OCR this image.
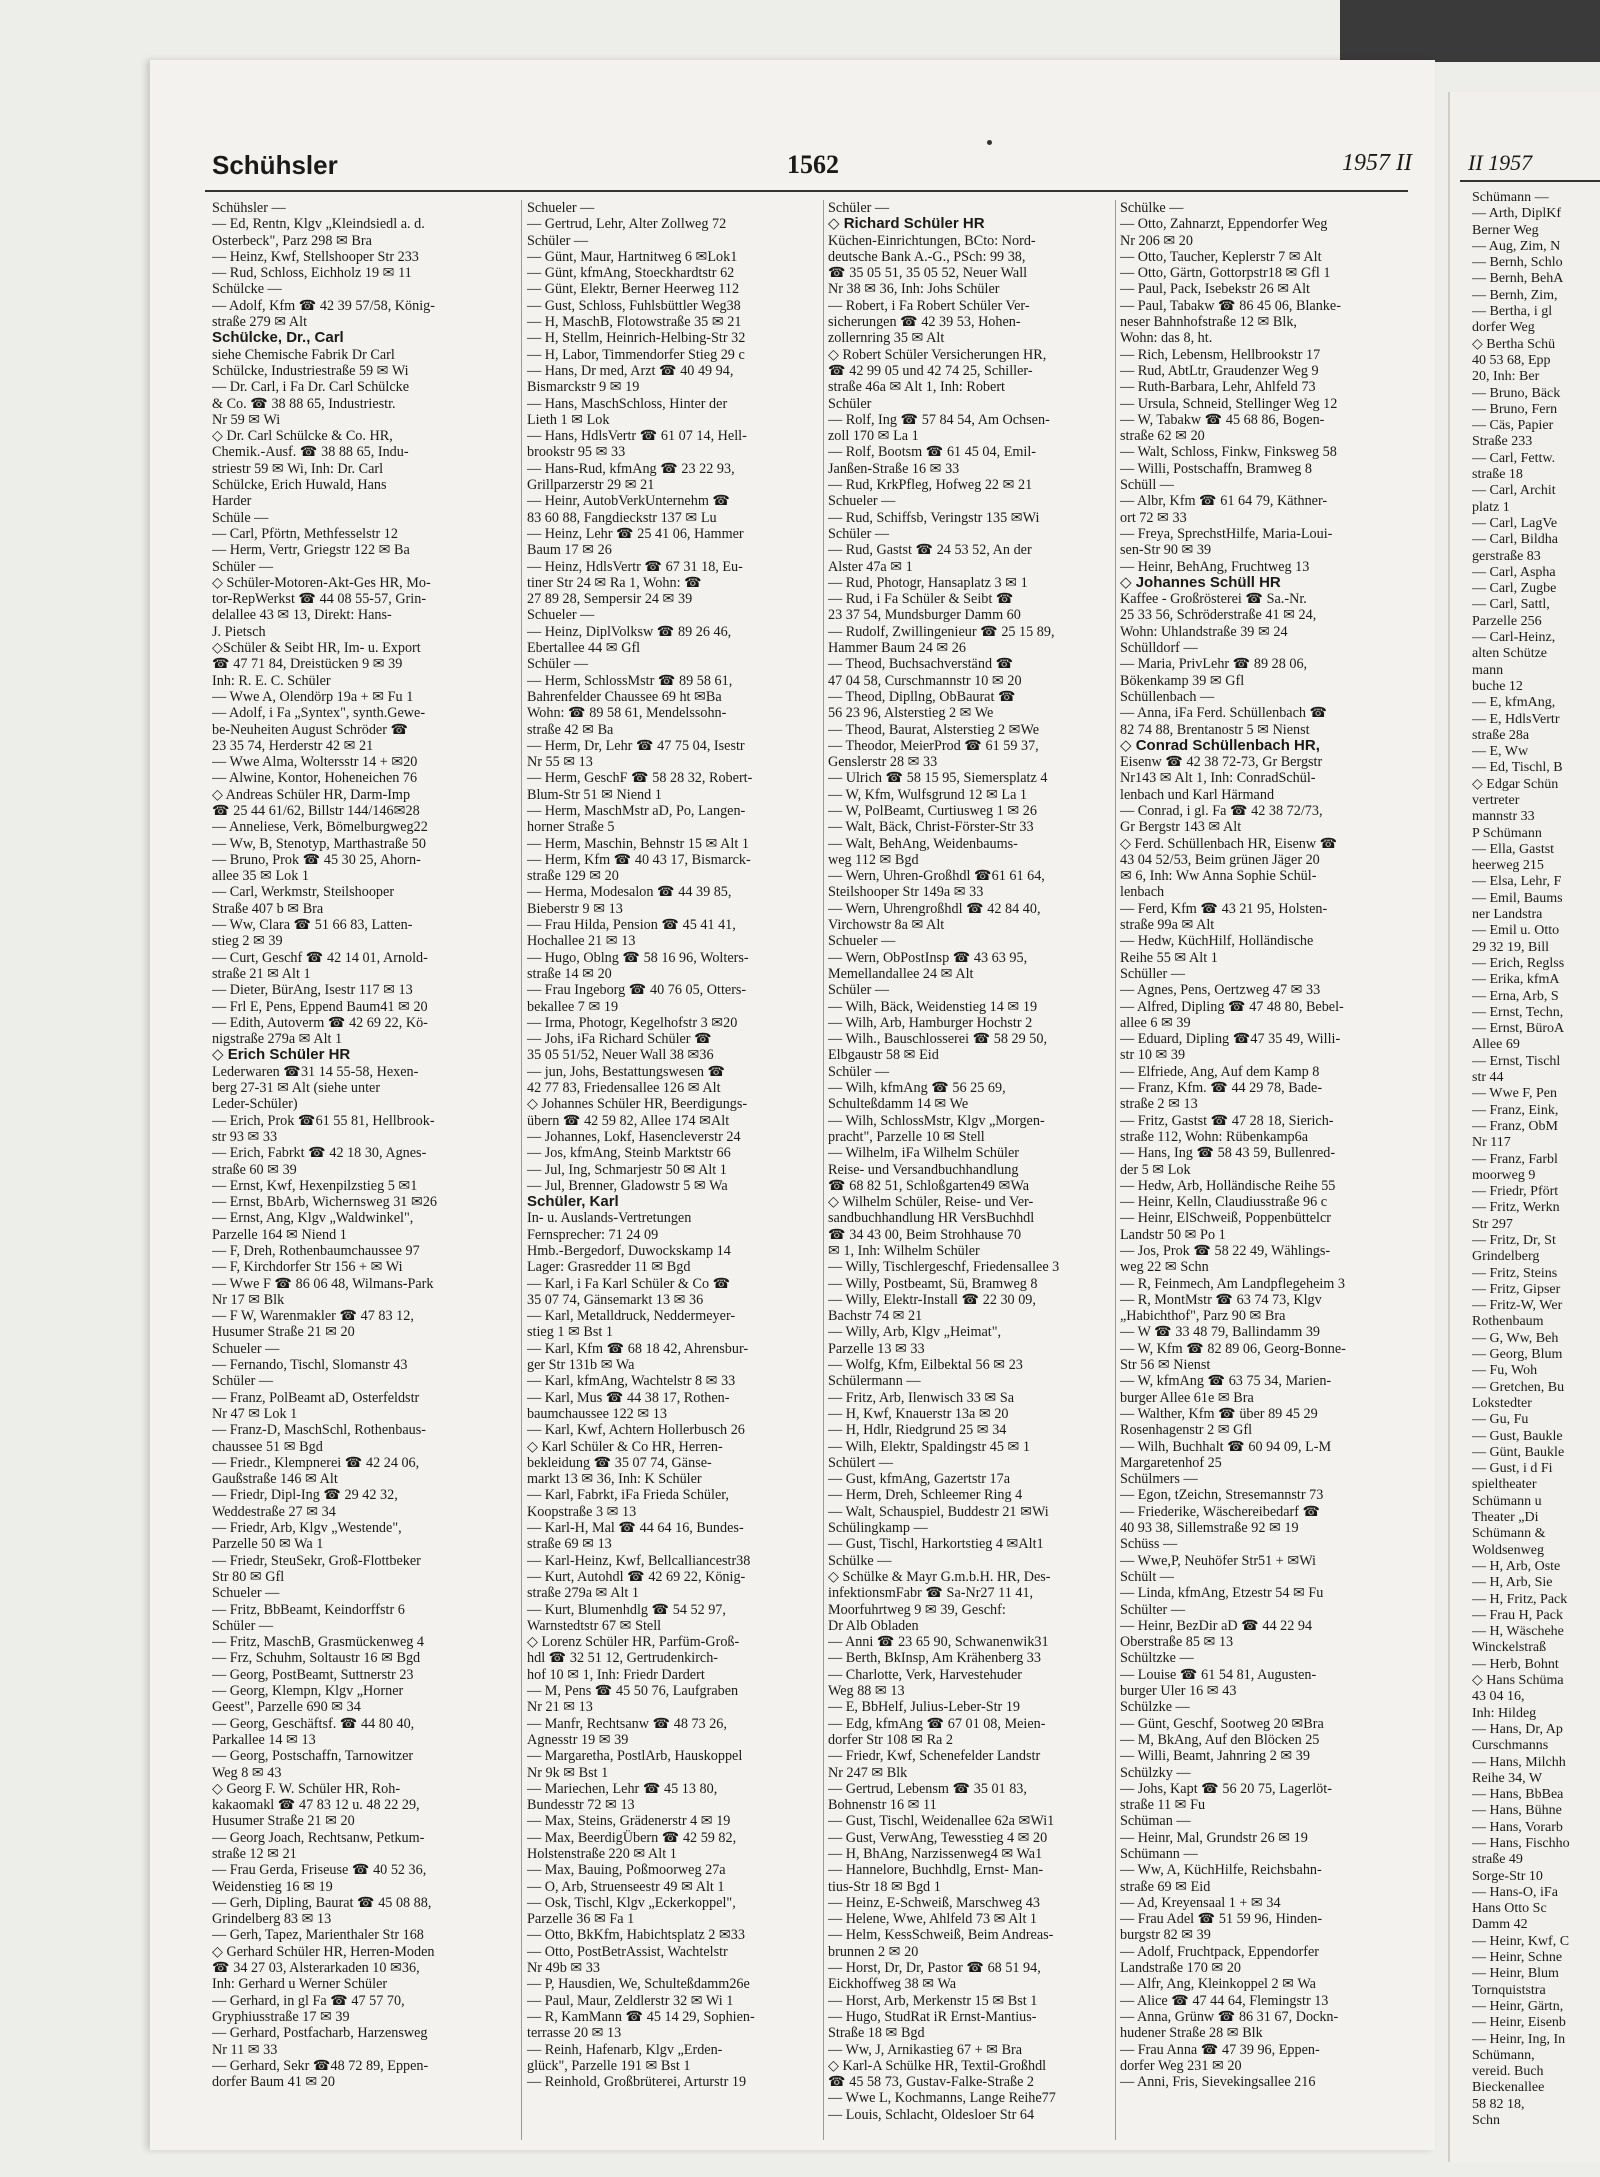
II 1957
Schümann —
— Arth, DiplKf
Berner Weg
— Aug, Zim, N
— Bernh, Schlo
— Bernh, BehA
— Bernh, Zim,
— Bertha, i gl
dorfer Weg
◇ Bertha Schü
40 53 68, Epp
20, Inh: Ber
— Bruno, Bäck
— Bruno, Fern
— Cäs, Papier
Straße 233
— Carl, Fettw.
straße 18
— Carl, Archit
platz 1
— Carl, LagVe
— Carl, Bildha
gerstraße 83
— Carl, Aspha
— Carl, Zugbe
— Carl, Sattl,
Parzelle 256
— Carl-Heinz,
alten Schütze
mann
buche 12
— E, kfmAng,
— E, HdlsVertr
straße 28a
— E, Ww
— Ed, Tischl, B
◇ Edgar Schün
vertreter
mannstr 33
P Schümann
— Ella, Gastst
heerweg 215
— Elsa, Lehr, F
— Emil, Baums
ner Landstra
— Emil u. Otto
29 32 19, Bill
— Erich, Reglss
— Erika, kfmA
— Erna, Arb, S
— Ernst, Techn,
— Ernst, BüroA
Allee 69
— Ernst, Tischl
str 44
— Wwe F, Pen
— Franz, Eink,
— Franz, ObM
Nr 117
— Franz, Farbl
moorweg 9
— Friedr, Pfört
— Fritz, Werkn
Str 297
— Fritz, Dr, St
Grindelberg
— Fritz, Steins
— Fritz, Gipser
— Fritz-W, Wer
Rothenbaum
— G, Ww, Beh
— Georg, Blum
— Fu, Woh
— Gretchen, Bu
Lokstedter
— Gu, Fu
— Gust, Baukle
— Günt, Baukle
— Gust, i d Fi
spieltheater
Schümann u
Theater „Di
Schümann &
Woldsenweg
— H, Arb, Oste
— H, Arb, Sie
— H, Fritz, Pack
— Frau H, Pack
— H, Wäschehe
Winckelstraß
— Herb, Bohnt
◇ Hans Schüma
43 04 16,
Inh: Hildeg
— Hans, Dr, Ap
Curschmanns
— Hans, Milchh
Reihe 34, W
— Hans, BbBea
— Hans, Bühne
— Hans, Vorarb
— Hans, Fischho
straße 49
Sorge-Str 10
— Hans-O, iFa
Hans Otto Sc
Damm 42
— Heinr, Kwf, C
— Heinr, Schne
— Heinr, Blum
Tornquiststra
— Heinr, Gärtn,
— Heinr, Eisenb
— Heinr, Ing, In
Schümann,
vereid. Buch
Bieckenallee
58 82 18,
Schn
Schühsler	1562	1957 II
Schühsler —
— Ed, Rentn, Klgv „Kleindsiedl a. d.
Osterbeck", Parz 298 ✉ Bra
— Heinz, Kwf, Stellshooper Str 233
— Rud, Schloss, Eichholz 19 ✉ 11
Schülcke —
— Adolf, Kfm ☎ 42 39 57/58, König-
straße 279 ✉ Alt
Schülcke, Dr., Carl
siehe Chemische Fabrik Dr Carl
Schülcke, Industriestraße 59 ✉ Wi
— Dr. Carl, i Fa Dr. Carl Schülcke
& Co. ☎ 38 88 65, Industriestr.
Nr 59 ✉ Wi
◇ Dr. Carl Schülcke & Co. HR,
Chemik.-Ausf. ☎ 38 88 65, Indu-
striestr 59 ✉ Wi, Inh: Dr. Carl
Schülcke, Erich Huwald, Hans
Harder
Schüle —
— Carl, Pförtn, Methfesselstr 12
— Herm, Vertr, Griegstr 122 ✉ Ba
Schüler —
◇ Schüler-Motoren-Akt-Ges HR, Mo-
tor-RepWerkst ☎ 44 08 55-57, Grin-
delallee 43 ✉ 13, Direkt: Hans-
J. Pietsch
◇Schüler & Seibt HR, Im- u. Export
☎ 47 71 84, Dreistücken 9 ✉ 39
Inh: R. E. C. Schüler
— Wwe A, Olendörp 19a + ✉ Fu 1
— Adolf, i Fa „Syntex", synth.Gewe-
be-Neuheiten August Schröder ☎
23 35 74, Herderstr 42 ✉ 21
— Wwe Alma, Woltersstr 14 + ✉20
— Alwine, Kontor, Hoheneichen 76
◇ Andreas Schüler HR, Darm-Imp
☎ 25 44 61/62, Billstr 144/146✉28
— Anneliese, Verk, Bömelburgweg22
— Ww, B, Stenotyp, Marthastraße 50
— Bruno, Prok ☎ 45 30 25, Ahorn-
allee 35 ✉ Lok 1
— Carl, Werkmstr, Steilshooper
Straße 407 b ✉ Bra
— Ww, Clara ☎ 51 66 83, Latten-
stieg 2 ✉ 39
— Curt, Geschf ☎ 42 14 01, Arnold-
straße 21 ✉ Alt 1
— Dieter, BürAng, Isestr 117 ✉ 13
— Frl E, Pens, Eppend Baum41 ✉ 20
— Edith, Autoverm ☎ 42 69 22, Kö-
nigstraße 279a ✉ Alt 1
◇ Erich Schüler HR
Lederwaren ☎31 14 55-58, Hexen-
berg 27-31 ✉ Alt (siehe unter
Leder-Schüler)
— Erich, Prok ☎61 55 81, Hellbrook-
str 93 ✉ 33
— Erich, Fabrkt ☎ 42 18 30, Agnes-
straße 60 ✉ 39
— Ernst, Kwf, Hexenpilzstieg 5 ✉1
— Ernst, BbArb, Wichernsweg 31 ✉26
— Ernst, Ang, Klgv „Waldwinkel",
Parzelle 164 ✉ Niend 1
— F, Dreh, Rothenbaumchaussee 97
— F, Kirchdorfer Str 156 + ✉ Wi
— Wwe F ☎ 86 06 48, Wilmans-Park
Nr 17 ✉ Blk
— F W, Warenmakler ☎ 47 83 12,
Husumer Straße 21 ✉ 20
Schueler —
— Fernando, Tischl, Slomanstr 43
Schüler —
— Franz, PolBeamt aD, Osterfeldstr
Nr 47 ✉ Lok 1
— Franz-D, MaschSchl, Rothenbaus-
chaussee 51 ✉ Bgd
— Friedr., Klempnerei ☎ 42 24 06,
Gaußstraße 146 ✉ Alt
— Friedr, Dipl-Ing ☎ 29 42 32,
Weddestraße 27 ✉ 34
— Friedr, Arb, Klgv „Westende",
Parzelle 50 ✉ Wa 1
— Friedr, SteuSekr, Groß-Flottbeker
Str 80 ✉ Gfl
Schueler —
— Fritz, BbBeamt, Keindorffstr 6
Schüler —
— Fritz, MaschB, Grasmückenweg 4
— Frz, Schuhm, Soltaustr 16 ✉ Bgd
— Georg, PostBeamt, Suttnerstr 23
— Georg, Klempn, Klgv „Horner
Geest", Parzelle 690 ✉ 34
— Georg, Geschäftsf. ☎ 44 80 40,
Parkallee 14 ✉ 13
— Georg, Postschaffn, Tarnowitzer
Weg 8 ✉ 43
◇ Georg F. W. Schüler HR, Roh-
kakaomakl ☎ 47 83 12 u. 48 22 29,
Husumer Straße 21 ✉ 20
— Georg Joach, Rechtsanw, Petkum-
straße 12 ✉ 21
— Frau Gerda, Friseuse ☎ 40 52 36,
Weidenstieg 16 ✉ 19
— Gerh, Dipling, Baurat ☎ 45 08 88,
Grindelberg 83 ✉ 13
— Gerh, Tapez, Marienthaler Str 168
◇ Gerhard Schüler HR, Herren-Moden
☎ 34 27 03, Alsterarkaden 10 ✉36,
Inh: Gerhard u Werner Schüler
— Gerhard, in gl Fa ☎ 47 57 70,
Gryphiusstraße 17 ✉ 39
— Gerhard, Postfacharb, Harzensweg
Nr 11 ✉ 33
— Gerhard, Sekr ☎48 72 89, Eppen-
dorfer Baum 41 ✉ 20
Schueler —
— Gertrud, Lehr, Alter Zollweg 72
Schüler —
— Günt, Maur, Hartnitweg 6 ✉Lok1
— Günt, kfmAng, Stoeckhardtstr 62
— Günt, Elektr, Berner Heerweg 112
— Gust, Schloss, Fuhlsbüttler Weg38
— H, MaschB, Flotowstraße 35 ✉ 21
— H, Stellm, Heinrich-Helbing-Str 32
— H, Labor, Timmendorfer Stieg 29 c
— Hans, Dr med, Arzt ☎ 40 49 94,
Bismarckstr 9 ✉ 19
— Hans, MaschSchloss, Hinter der
Lieth 1 ✉ Lok
— Hans, HdlsVertr ☎ 61 07 14, Hell-
brookstr 95 ✉ 33
— Hans-Rud, kfmAng ☎ 23 22 93,
Grillparzerstr 29 ✉ 21
— Heinr, AutobVerkUnternehm ☎
83 60 88, Fangdieckstr 137 ✉ Lu
— Heinz, Lehr ☎ 25 41 06, Hammer
Baum 17 ✉ 26
— Heinz, HdlsVertr ☎ 67 31 18, Eu-
tiner Str 24 ✉ Ra 1, Wohn: ☎
27 89 28, Sempersir 24 ✉ 39
Schueler —
— Heinz, DiplVolksw ☎ 89 26 46,
Ebertallee 44 ✉ Gfl
Schüler —
— Herm, SchlossMstr ☎ 89 58 61,
Bahrenfelder Chaussee 69 ht ✉Ba
Wohn: ☎ 89 58 61, Mendelssohn-
straße 42 ✉ Ba
— Herm, Dr, Lehr ☎ 47 75 04, Isestr
Nr 55 ✉ 13
— Herm, GeschF ☎ 58 28 32, Robert-
Blum-Str 51 ✉ Niend 1
— Herm, MaschMstr aD, Po, Langen-
horner Straße 5
— Herm, Maschin, Behnstr 15 ✉ Alt 1
— Herm, Kfm ☎ 40 43 17, Bismarck-
straße 129 ✉ 20
— Herma, Modesalon ☎ 44 39 85,
Bieberstr 9 ✉ 13
— Frau Hilda, Pension ☎ 45 41 41,
Hochallee 21 ✉ 13
— Hugo, Oblng ☎ 58 16 96, Wolters-
straße 14 ✉ 20
— Frau Ingeborg ☎ 40 76 05, Otters-
bekallee 7 ✉ 19
— Irma, Photogr, Kegelhofstr 3 ✉20
— Johs, iFa Richard Schüler ☎
35 05 51/52, Neuer Wall 38 ✉36
— jun, Johs, Bestattungswesen ☎
42 77 83, Friedensallee 126 ✉ Alt
◇ Johannes Schüler HR, Beerdigungs-
übern ☎ 42 59 82, Allee 174 ✉Alt
— Johannes, Lokf, Hasencleverstr 24
— Jos, kfmAng, Steinb Marktstr 66
— Jul, Ing, Schmarjestr 50 ✉ Alt 1
— Jul, Brenner, Gladowstr 5 ✉ Wa
Schüler, Karl
In- u. Auslands-Vertretungen
Fernsprecher: 71 24 09
Hmb.-Bergedorf, Duwockskamp 14
Lager: Grasredder 11 ✉ Bgd
— Karl, i Fa Karl Schüler & Co ☎
35 07 74, Gänsemarkt 13 ✉ 36
— Karl, Metalldruck, Neddermeyer-
stieg 1 ✉ Bst 1
— Karl, Kfm ☎ 68 18 42, Ahrensbur-
ger Str 131b ✉ Wa
— Karl, kfmAng, Wachtelstr 8 ✉ 33
— Karl, Mus ☎ 44 38 17, Rothen-
baumchaussee 122 ✉ 13
— Karl, Kwf, Achtern Hollerbusch 26
◇ Karl Schüler & Co HR, Herren-
bekleidung ☎ 35 07 74, Gänse-
markt 13 ✉ 36, Inh: K Schüler
— Karl, Fabrkt, iFa Frieda Schüler,
Koopstraße 3 ✉ 13
— Karl-H, Mal ☎ 44 64 16, Bundes-
straße 69 ✉ 13
— Karl-Heinz, Kwf, Bellcalliancestr38
— Kurt, Autohdl ☎ 42 69 22, König-
straße 279a ✉ Alt 1
— Kurt, Blumenhdlg ☎ 54 52 97,
Warnstedtstr 67 ✉ Stell
◇ Lorenz Schüler HR, Parfüm-Groß-
hdl ☎ 32 51 12, Gertrudenkirch-
hof 10 ✉ 1, Inh: Friedr Dardert
— M, Pens ☎ 45 50 76, Laufgraben
Nr 21 ✉ 13
— Manfr, Rechtsanw ☎ 48 73 26,
Agnesstr 19 ✉ 39
— Margaretha, PostlArb, Hauskoppel
Nr 9k ✉ Bst 1
— Mariechen, Lehr ☎ 45 13 80,
Bundesstr 72 ✉ 13
— Max, Steins, Grädenerstr 4 ✉ 19
— Max, BeerdigÜbern ☎ 42 59 82,
Holstenstraße 220 ✉ Alt 1
— Max, Bauing, Poßmoorweg 27a
— O, Arb, Struenseestr 49 ✉ Alt 1
— Osk, Tischl, Klgv „Eckerkoppel",
Parzelle 36 ✉ Fa 1
— Otto, BkKfm, Habichtsplatz 2 ✉33
— Otto, PostBetrAssist, Wachtelstr
Nr 49b ✉ 33
— P, Hausdien, We, Schulteßdamm26e
— Paul, Maur, Zeldlerstr 32 ✉ Wi 1
— R, KamMann ☎ 45 14 29, Sophien-
terrasse 20 ✉ 13
— Reinh, Hafenarb, Klgv „Erden-
glück", Parzelle 191 ✉ Bst 1
— Reinhold, Großbrüterei, Arturstr 19
Schüler —
◇ Richard Schüler HR
Küchen-Einrichtungen, BCto: Nord-
deutsche Bank A.-G., PSch: 99 38,
☎ 35 05 51, 35 05 52, Neuer Wall
Nr 38 ✉ 36, Inh: Johs Schüler
— Robert, i Fa Robert Schüler Ver-
sicherungen ☎ 42 39 53, Hohen-
zollernring 35 ✉ Alt
◇ Robert Schüler Versicherungen HR,
☎ 42 99 05 und 42 74 25, Schiller-
straße 46a ✉ Alt 1, Inh: Robert
Schüler
— Rolf, Ing ☎ 57 84 54, Am Ochsen-
zoll 170 ✉ La 1
— Rolf, Bootsm ☎ 61 45 04, Emil-
Janßen-Straße 16 ✉ 33
— Rud, KrkPfleg, Hofweg 22 ✉ 21
Schueler —
— Rud, Schiffsb, Veringstr 135 ✉Wi
Schüler —
— Rud, Gastst ☎ 24 53 52, An der
Alster 47a ✉ 1
— Rud, Photogr, Hansaplatz 3 ✉ 1
— Rud, i Fa Schüler & Seibt ☎
23 37 54, Mundsburger Damm 60
— Rudolf, Zwillingenieur ☎ 25 15 89,
Hammer Baum 24 ✉ 26
— Theod, Buchsachverständ ☎
47 04 58, Curschmannstr 10 ✉ 20
— Theod, Dipllng, ObBaurat ☎
56 23 96, Alsterstieg 2 ✉ We
— Theod, Baurat, Alsterstieg 2 ✉We
— Theodor, MeierProd ☎ 61 59 37,
Genslerstr 28 ✉ 33
— Ulrich ☎ 58 15 95, Siemersplatz 4
— W, Kfm, Wulfsgrund 12 ✉ La 1
— W, PolBeamt, Curtiusweg 1 ✉ 26
— Walt, Bäck, Christ-Förster-Str 33
— Walt, BehAng, Weidenbaums-
weg 112 ✉ Bgd
— Wern, Uhren-Großhdl ☎61 61 64,
Steilshooper Str 149a ✉ 33
— Wern, Uhrengroßhdl ☎ 42 84 40,
Virchowstr 8a ✉ Alt
Schueler —
— Wern, ObPostInsp ☎ 43 63 95,
Memellandallee 24 ✉ Alt
Schüler —
— Wilh, Bäck, Weidenstieg 14 ✉ 19
— Wilh, Arb, Hamburger Hochstr 2
— Wilh., Bauschlosserei ☎ 58 29 50,
Elbgaustr 58 ✉ Eid
Schüler —
— Wilh, kfmAng ☎ 56 25 69,
Schulteßdamm 14 ✉ We
— Wilh, SchlossMstr, Klgv „Morgen-
pracht", Parzelle 10 ✉ Stell
— Wilhelm, iFa Wilhelm Schüler
Reise- und Versandbuchhandlung
☎ 68 82 51, Schloßgarten49 ✉Wa
◇ Wilhelm Schüler, Reise- und Ver-
sandbuchhandlung HR VersBuchhdl
☎ 34 43 00, Beim Strohhause 70
✉ 1, Inh: Wilhelm Schüler
— Willy, Tischlergeschf, Friedensallee 3
— Willy, Postbeamt, Sü, Bramweg 8
— Willy, Elektr-Install ☎ 22 30 09,
Bachstr 74 ✉ 21
— Willy, Arb, Klgv „Heimat",
Parzelle 13 ✉ 33
— Wolfg, Kfm, Eilbektal 56 ✉ 23
Schülermann —
— Fritz, Arb, Ilenwisch 33 ✉ Sa
— H, Kwf, Knauerstr 13a ✉ 20
— H, Hdlr, Riedgrund 25 ✉ 34
— Wilh, Elektr, Spaldingstr 45 ✉ 1
Schülert —
— Gust, kfmAng, Gazertstr 17a
— Herm, Dreh, Schleemer Ring 4
— Walt, Schauspiel, Buddestr 21 ✉Wi
Schülingkamp —
— Gust, Tischl, Harkortstieg 4 ✉Alt1
Schülke —
◇ Schülke & Mayr G.m.b.H. HR, Des-
infektionsmFabr ☎ Sa-Nr27 11 41,
Moorfuhrtweg 9 ✉ 39, Geschf:
Dr Alb Obladen
— Anni ☎ 23 65 90, Schwanenwik31
— Berth, BkInsp, Am Krähenberg 33
— Charlotte, Verk, Harvestehuder
Weg 88 ✉ 13
— E, BbHelf, Julius-Leber-Str 19
— Edg, kfmAng ☎ 67 01 08, Meien-
dorfer Str 108 ✉ Ra 2
— Friedr, Kwf, Schenefelder Landstr
Nr 247 ✉ Blk
— Gertrud, Lebensm ☎ 35 01 83,
Bohnenstr 16 ✉ 11
— Gust, Tischl, Weidenallee 62a ✉Wi1
— Gust, VerwAng, Tewesstieg 4 ✉ 20
— H, BhAng, Narzissenweg4 ✉ Wa1
— Hannelore, Buchhdlg, Ernst- Man-
tius-Str 18 ✉ Bgd 1
— Heinz, E-Schweiß, Marschweg 43
— Helene, Wwe, Ahlfeld 73 ✉ Alt 1
— Helm, KessSchweiß, Beim Andreas-
brunnen 2 ✉ 20
— Horst, Dr, Dr, Pastor ☎ 68 51 94,
Eickhoffweg 38 ✉ Wa
— Horst, Arb, Merkenstr 15 ✉ Bst 1
— Hugo, StudRat iR Ernst-Mantius-
Straße 18 ✉ Bgd
— Ww, J, Arnikastieg 67 + ✉ Bra
◇ Karl-A Schülke HR, Textil-Großhdl
☎ 45 58 73, Gustav-Falke-Straße 2
— Wwe L, Kochmanns, Lange Reihe77
— Louis, Schlacht, Oldesloer Str 64
Schülke —
— Otto, Zahnarzt, Eppendorfer Weg
Nr 206 ✉ 20
— Otto, Taucher, Keplerstr 7 ✉ Alt
— Otto, Gärtn, Gottorpstr18 ✉ Gfl 1
— Paul, Pack, Isebekstr 26 ✉ Alt
— Paul, Tabakw ☎ 86 45 06, Blanke-
neser Bahnhofstraße 12 ✉ Blk,
Wohn: das 8, ht.
— Rich, Lebensm, Hellbrookstr 17
— Rud, AbtLtr, Graudenzer Weg 9
— Ruth-Barbara, Lehr, Ahlfeld 73
— Ursula, Schneid, Stellinger Weg 12
— W, Tabakw ☎ 45 68 86, Bogen-
straße 62 ✉ 20
— Walt, Schloss, Finkw, Finksweg 58
— Willi, Postschaffn, Bramweg 8
Schüll —
— Albr, Kfm ☎ 61 64 79, Käthner-
ort 72 ✉ 33
— Freya, SprechstHilfe, Maria-Loui-
sen-Str 90 ✉ 39
— Heinr, BehAng, Fruchtweg 13
◇ Johannes Schüll HR
Kaffee - Großrösterei ☎ Sa.-Nr.
25 33 56, Schröderstraße 41 ✉ 24,
Wohn: Uhlandstraße 39 ✉ 24
Schülldorf —
— Maria, PrivLehr ☎ 89 28 06,
Bökenkamp 39 ✉ Gfl
Schüllenbach —
— Anna, iFa Ferd. Schüllenbach ☎
82 74 88, Brentanostr 5 ✉ Nienst
◇ Conrad Schüllenbach HR,
Eisenw ☎ 42 38 72-73, Gr Bergstr
Nr143 ✉ Alt 1, Inh: ConradSchül-
lenbach und Karl Härmand
— Conrad, i gl. Fa ☎ 42 38 72/73,
Gr Bergstr 143 ✉ Alt
◇ Ferd. Schüllenbach HR, Eisenw ☎
43 04 52/53, Beim grünen Jäger 20
✉ 6, Inh: Ww Anna Sophie Schül-
lenbach
— Ferd, Kfm ☎ 43 21 95, Holsten-
straße 99a ✉ Alt
— Hedw, KüchHilf, Holländische
Reihe 55 ✉ Alt 1
Schüller —
— Agnes, Pens, Oertzweg 47 ✉ 33
— Alfred, Dipling ☎ 47 48 80, Bebel-
allee 6 ✉ 39
— Eduard, Dipling ☎47 35 49, Willi-
str 10 ✉ 39
— Elfriede, Ang, Auf dem Kamp 8
— Franz, Kfm. ☎ 44 29 78, Bade-
straße 2 ✉ 13
— Fritz, Gastst ☎ 47 28 18, Sierich-
straße 112, Wohn: Rübenkamp6a
— Hans, Ing ☎ 58 43 59, Bullenred-
der 5 ✉ Lok
— Hedw, Arb, Holländische Reihe 55
— Heinr, Kelln, Claudiusstraße 96 c
— Heinr, ElSchweiß, Poppenbüttelcr
Landstr 50 ✉ Po 1
— Jos, Prok ☎ 58 22 49, Wählings-
weg 22 ✉ Schn
— R, Feinmech, Am Landpflegeheim 3
— R, MontMstr ☎ 63 74 73, Klgv
„Habichthof", Parz 90 ✉ Bra
— W ☎ 33 48 79, Ballindamm 39
— W, Kfm ☎ 82 89 06, Georg-Bonne-
Str 56 ✉ Nienst
— W, kfmAng ☎ 63 75 34, Marien-
burger Allee 61e ✉ Bra
— Walther, Kfm ☎ über 89 45 29
Rosenhagenstr 2 ✉ Gfl
— Wilh, Buchhalt ☎ 60 94 09, L-M
Margaretenhof 25
Schülmers —
— Egon, tZeichn, Stresemannstr 73
— Friederike, Wäschereibedarf ☎
40 93 38, Sillemstraße 92 ✉ 19
Schüss —
— Wwe,P, Neuhöfer Str51 + ✉Wi
Schült —
— Linda, kfmAng, Etzestr 54 ✉ Fu
Schülter —
— Heinr, BezDir aD ☎ 44 22 94
Oberstraße 85 ✉ 13
Schültzke —
— Louise ☎ 61 54 81, Augusten-
burger Uler 16 ✉ 43
Schülzke —
— Günt, Geschf, Sootweg 20 ✉Bra
— M, BkAng, Auf den Blöcken 25
— Willi, Beamt, Jahnring 2 ✉ 39
Schülzky —
— Johs, Kapt ☎ 56 20 75, Lagerlöt-
straße 11 ✉ Fu
Schüman —
— Heinr, Mal, Grundstr 26 ✉ 19
Schümann —
— Ww, A, KüchHilfe, Reichsbahn-
straße 69 ✉ Eid
— Ad, Kreyensaal 1 + ✉ 34
— Frau Adel ☎ 51 59 96, Hinden-
burgstr 82 ✉ 39
— Adolf, Fruchtpack, Eppendorfer
Landstraße 170 ✉ 20
— Alfr, Ang, Kleinkoppel 2 ✉ Wa
— Alice ☎ 47 44 64, Flemingstr 13
— Anna, Grünw ☎ 86 31 67, Dockn-
hudener Straße 28 ✉ Blk
— Frau Anna ☎ 47 39 96, Eppen-
dorfer Weg 231 ✉ 20
— Anni, Fris, Sievekingsallee 216
